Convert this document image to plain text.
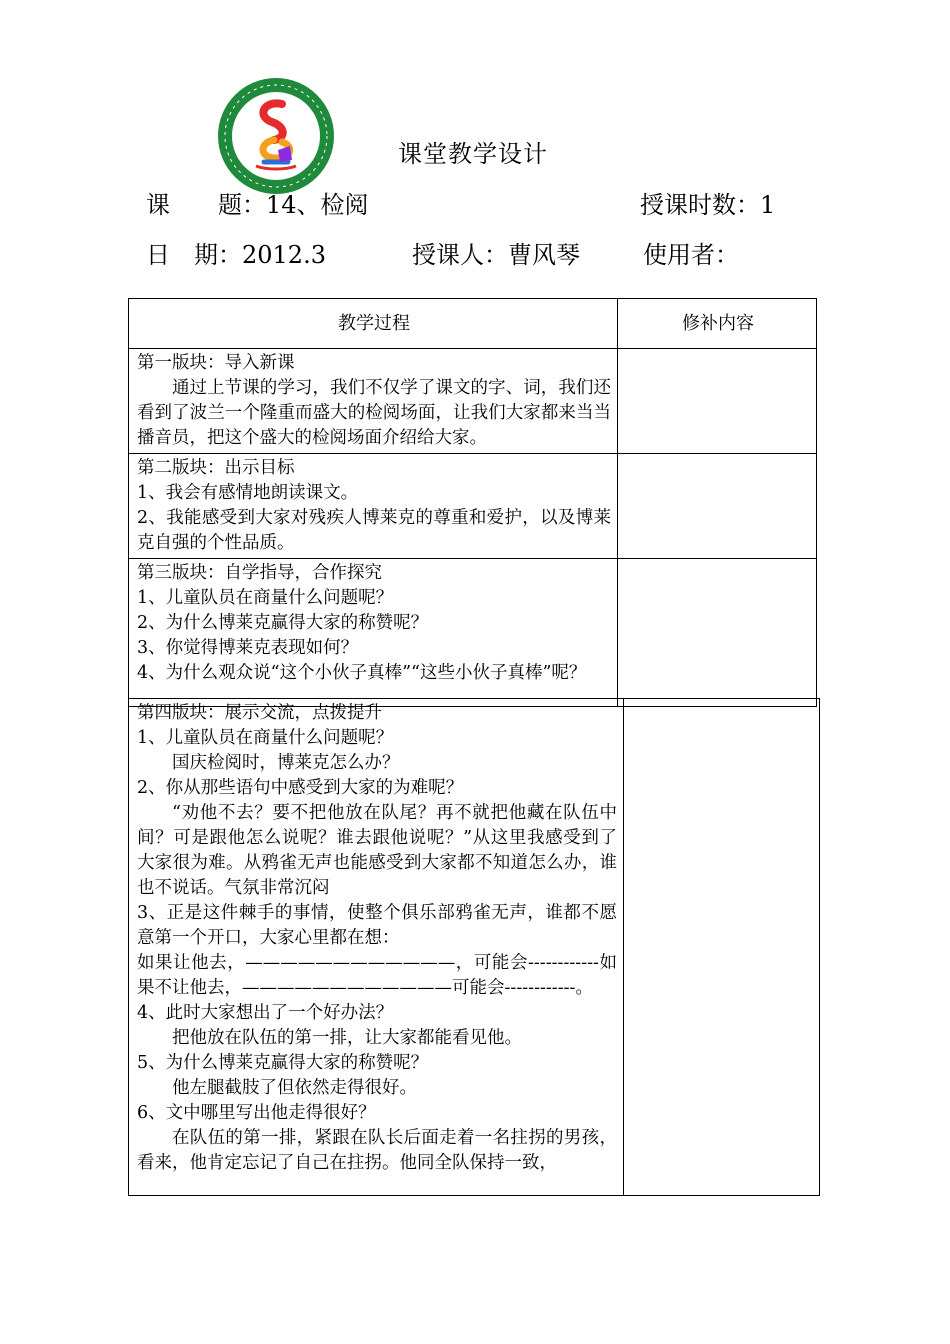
课堂教学设计
课　　题：14、检阅	授课时数：1
日　期：2012.3	授课人：曹风琴	使用者：
教学过程	修补内容

第一版块：导入新课

通过上节课的学习，我们不仅学了课文的字、词，我们还看到了波兰一个隆重而盛大的检阅场面，让我们大家都来当当播音员，把这个盛大的检阅场面介绍给大家。	

第二版块：出示目标

1、我会有感情地朗读课文。

2、我能感受到大家对残疾人博莱克的尊重和爱护，以及博莱克自强的个性品质。	

第三版块：自学指导，合作探究

1、儿童队员在商量什么问题呢？

2、为什么博莱克赢得大家的称赞呢？

3、你觉得博莱克表现如何？

4、为什么观众说“这个小伙子真棒”“这些小伙子真棒”呢？	

第四版块：展示交流，点拨提升

1、儿童队员在商量什么问题呢？

国庆检阅时，博莱克怎么办？

2、你从那些语句中感受到大家的为难呢？

“劝他不去？要不把他放在队尾？再不就把他藏在队伍中间？可是跟他怎么说呢？谁去跟他说呢？”从这里我感受到了大家很为难。从鸦雀无声也能感受到大家都不知道怎么办，谁也不说话。气氛非常沉闷

3、正是这件棘手的事情，使整个俱乐部鸦雀无声，谁都不愿意第一个开口，大家心里都在想：

如果让他去，————————————，可能会------------如果不让他去，————————————可能会------------。

4、此时大家想出了一个好办法？

把他放在队伍的第一排，让大家都能看见他。

5、为什么博莱克赢得大家的称赞呢？

他左腿截肢了但依然走得很好。

6、文中哪里写出他走得很好？

在队伍的第一排，紧跟在队长后面走着一名拄拐的男孩，看来，他肯定忘记了自己在拄拐。他同全队保持一致，
